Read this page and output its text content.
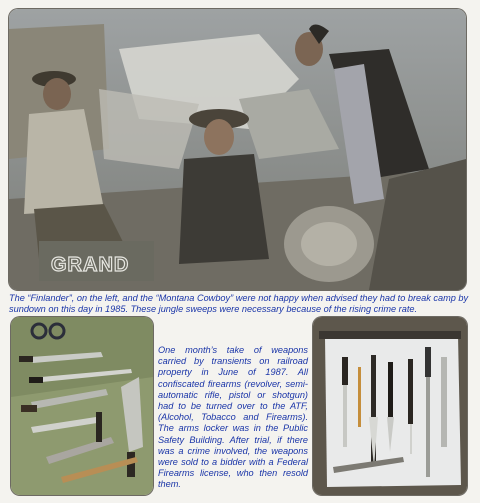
GRAND

The “Finlander”, on the left, and the “Montana Cowboy” were not happy when advised they had to break camp by sundown on this day in 1985. These jungle sweeps were necessary because of the rising crime rate.

One month’s take of weapons carried by transients on railroad property in June of 1987. All confiscated firearms (revolver, semi-automatic rifle, pistol or shotgun) had to be turned over to the ATF, (Alcohol, Tobacco and Firearms). The arms locker was in the Public Safety Building. After trial, if there was a crime involved, the weapons were sold to a bidder with a Federal Firearms license, who then resold them.
